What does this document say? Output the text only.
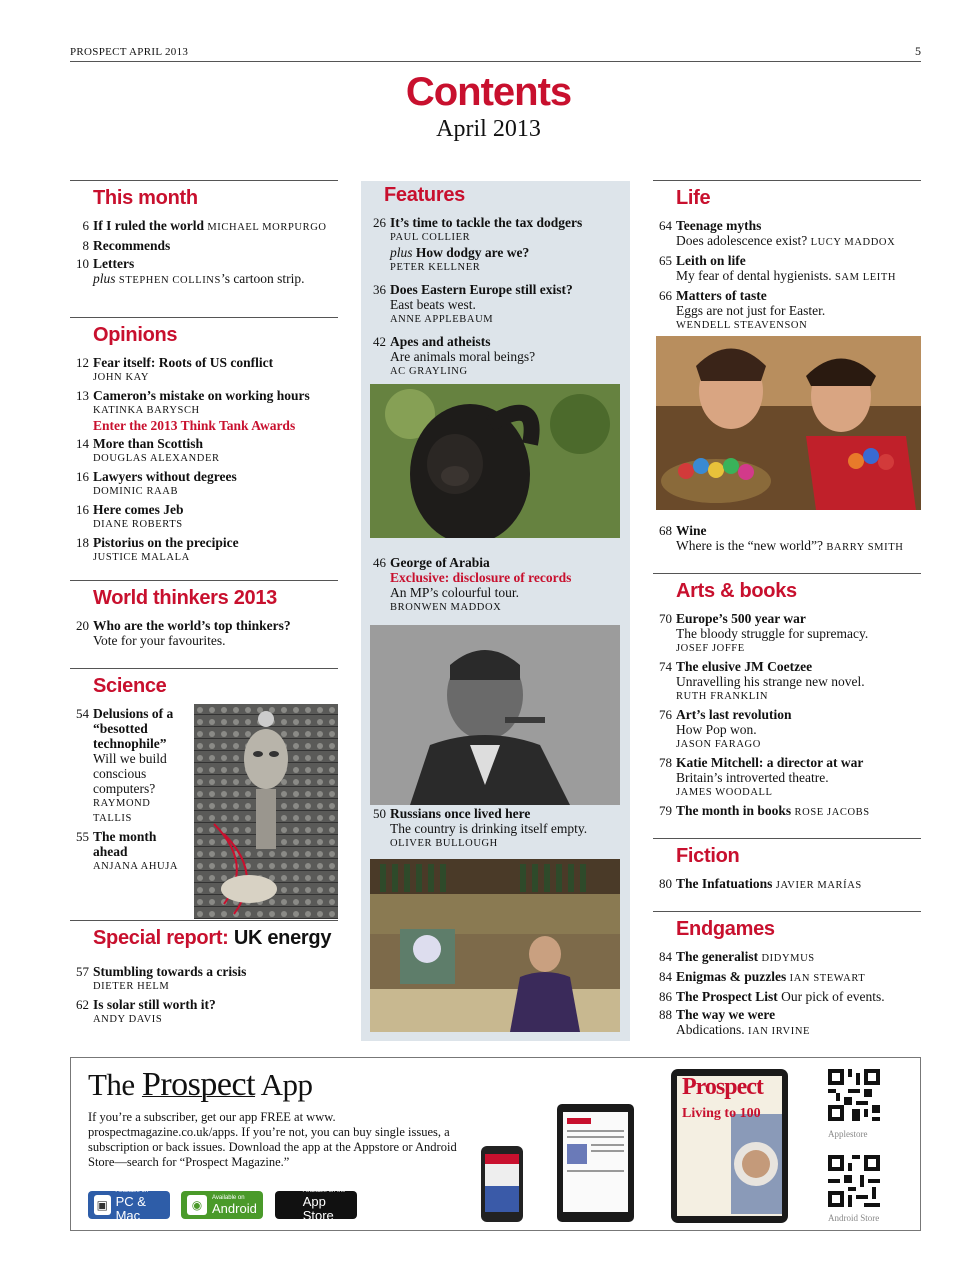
PROSPECT APRIL 2013	5
Contents
April 2013
This month
6 If I ruled the world MICHAEL MORPURGO
8 Recommends
10 Letters
plus STEPHEN COLLINS’s cartoon strip.
Opinions
12 Fear itself: Roots of US conflict
JOHN KAY
13 Cameron’s mistake on working hours
KATINKA BARYSCH
Enter the 2013 Think Tank Awards
14 More than Scottish
DOUGLAS ALEXANDER
16 Lawyers without degrees
DOMINIC RAAB
16 Here comes Jeb
DIANE ROBERTS
18 Pistorius on the precipice
JUSTICE MALALA
World thinkers 2013
20 Who are the world’s top thinkers?
Vote for your favourites.
Science
54 Delusions of a “besotted technophile”
Will we build conscious computers?
RAYMOND TALLIS
55 The month ahead
ANJANA AHUJA
Special report: UK energy
57 Stumbling towards a crisis
DIETER HELM
62 Is solar still worth it?
ANDY DAVIS
Features
26 It’s time to tackle the tax dodgers
PAUL COLLIER
plus How dodgy are we?
PETER KELLNER
36 Does Eastern Europe still exist?
East beats west.
ANNE APPLEBAUM
42 Apes and atheists
Are animals moral beings?
AC GRAYLING
46 George of Arabia
Exclusive: disclosure of records
An MP’s colourful tour.
BRONWEN MADDOX
50 Russians once lived here
The country is drinking itself empty.
OLIVER BULLOUGH
Life
64 Teenage myths
Does adolescence exist? LUCY MADDOX
65 Leith on life
My fear of dental hygienists. SAM LEITH
66 Matters of taste
Eggs are not just for Easter.
WENDELL STEAVENSON
68 Wine
Where is the “new world”? BARRY SMITH
Arts & books
70 Europe’s 500 year war
The bloody struggle for supremacy.
JOSEF JOFFE
74 The elusive JM Coetzee
Unravelling his strange new novel.
RUTH FRANKLIN
76 Art’s last revolution
How Pop won.
JASON FARAGO
78 Katie Mitchell: a director at war
Britain’s introverted theatre.
JAMES WOODALL
79 The month in books ROSE JACOBS
Fiction
80 The Infatuations JAVIER MARÍAS
Endgames
84 The generalist DIDYMUS
84 Enigmas & puzzles IAN STEWART
86 The Prospect List Our pick of events.
88 The way we were
Abdications. IAN IRVINE
The Prospect App
If you’re a subscriber, get our app FREE at www. prospectmagazine.co.uk/apps. If you’re not, you can buy single issues, a subscription or back issues. Download the app at the Appstore or Android Store—search for “Prospect Magazine.”
▣
Available on
PC & Mac
◉
Available on
Android
Available on the
App Store
Prospect
Living to 100
Applestore
Android Store
